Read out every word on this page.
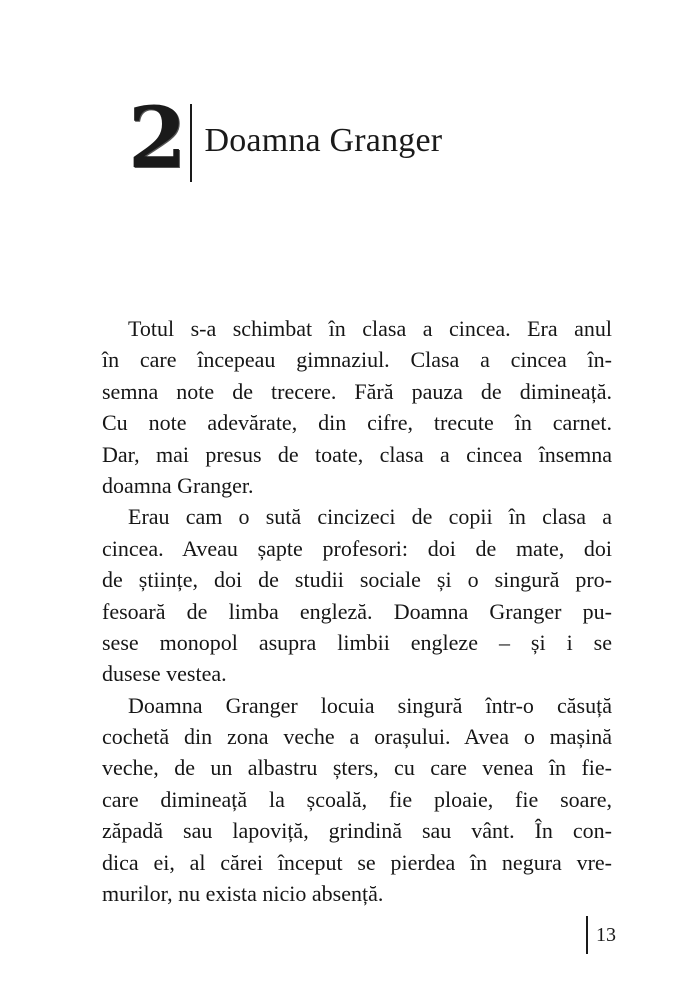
2 Doamna Granger
Totul s-a schimbat în clasa a cincea. Era anul
în care începeau gimnaziul. Clasa a cincea în-
semna note de trecere. Fără pauza de dimineață.
Cu note adevărate, din cifre, trecute în carnet.
Dar, mai presus de toate, clasa a cincea însemna
doamna Granger.
Erau cam o sută cincizeci de copii în clasa a
cincea. Aveau șapte profesori: doi de mate, doi
de științe, doi de studii sociale și o singură pro-
fesoară de limba engleză. Doamna Granger pu-
sese monopol asupra limbii engleze – și i se
dusese vestea.
Doamna Granger locuia singură într-o căsuță
cochetă din zona veche a orașului. Avea o mașină
veche, de un albastru șters, cu care venea în fie-
care dimineață la școală, fie ploaie, fie soare,
zăpadă sau lapoviță, grindină sau vânt. În con-
dica ei, al cărei început se pierdea în negura vre-
murilor, nu exista nicio absență.
13
